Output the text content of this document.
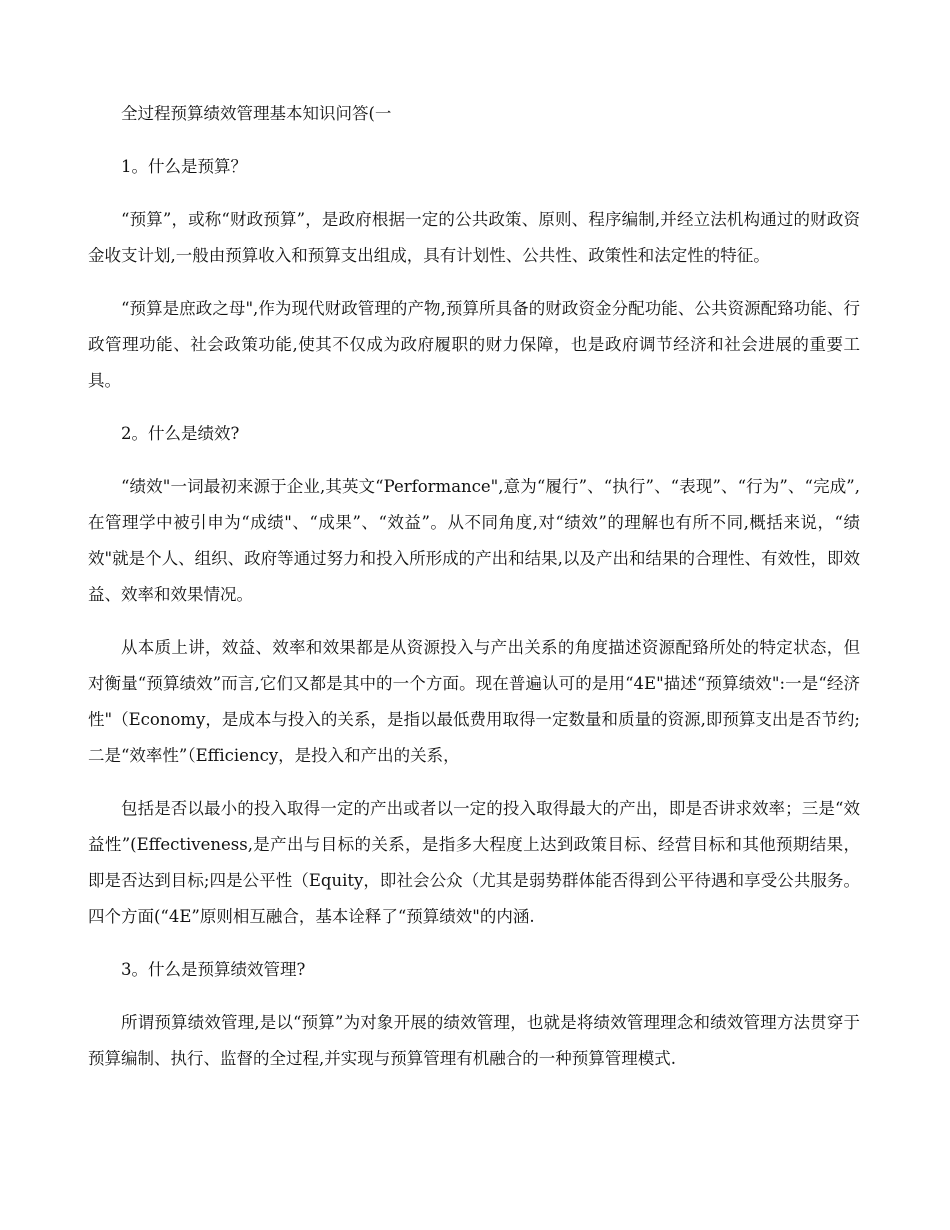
全过程预算绩效管理基本知识问答(一

1。什么是预算？

“预算”，或称“财政预算”，是政府根据一定的公共政策、原则、程序编制,并经立法机构通过的财政资金收支计划,一般由预算收入和预算支出组成，具有计划性、公共性、政策性和法定性的特征。

“预算是庶政之母",作为现代财政管理的产物,预算所具备的财政资金分配功能、公共资源配臵功能、行政管理功能、社会政策功能,使其不仅成为政府履职的财力保障，也是政府调节经济和社会进展的重要工具。

2。什么是绩效?

“绩效"一词最初来源于企业,其英文“Performance",意为“履行”、“执行”、“表现”、“行为”、“完成”,在管理学中被引申为“成绩"、“成果”、“效益”。从不同角度,对“绩效”的理解也有所不同,概括来说，“绩效"就是个人、组织、政府等通过努力和投入所形成的产出和结果,以及产出和结果的合理性、有效性，即效益、效率和效果情况。

从本质上讲，效益、效率和效果都是从资源投入与产出关系的角度描述资源配臵所处的特定状态，但对衡量“预算绩效”而言,它们又都是其中的一个方面。现在普遍认可的是用“4E"描述“预算绩效":一是“经济性"（Economy，是成本与投入的关系，是指以最低费用取得一定数量和质量的资源,即预算支出是否节约;二是“效率性”（Efficiency，是投入和产出的关系，

包括是否以最小的投入取得一定的产出或者以一定的投入取得最大的产出，即是否讲求效率；三是“效益性”(Effectiveness,是产出与目标的关系，是指多大程度上达到政策目标、经营目标和其他预期结果，即是否达到目标;四是公平性（Equity，即社会公众（尤其是弱势群体能否得到公平待遇和享受公共服务。四个方面(“4E”原则相互融合，基本诠释了“预算绩效"的内涵.

3。什么是预算绩效管理?

所谓预算绩效管理,是以“预算”为对象开展的绩效管理，也就是将绩效管理理念和绩效管理方法贯穿于预算编制、执行、监督的全过程,并实现与预算管理有机融合的一种预算管理模式.
